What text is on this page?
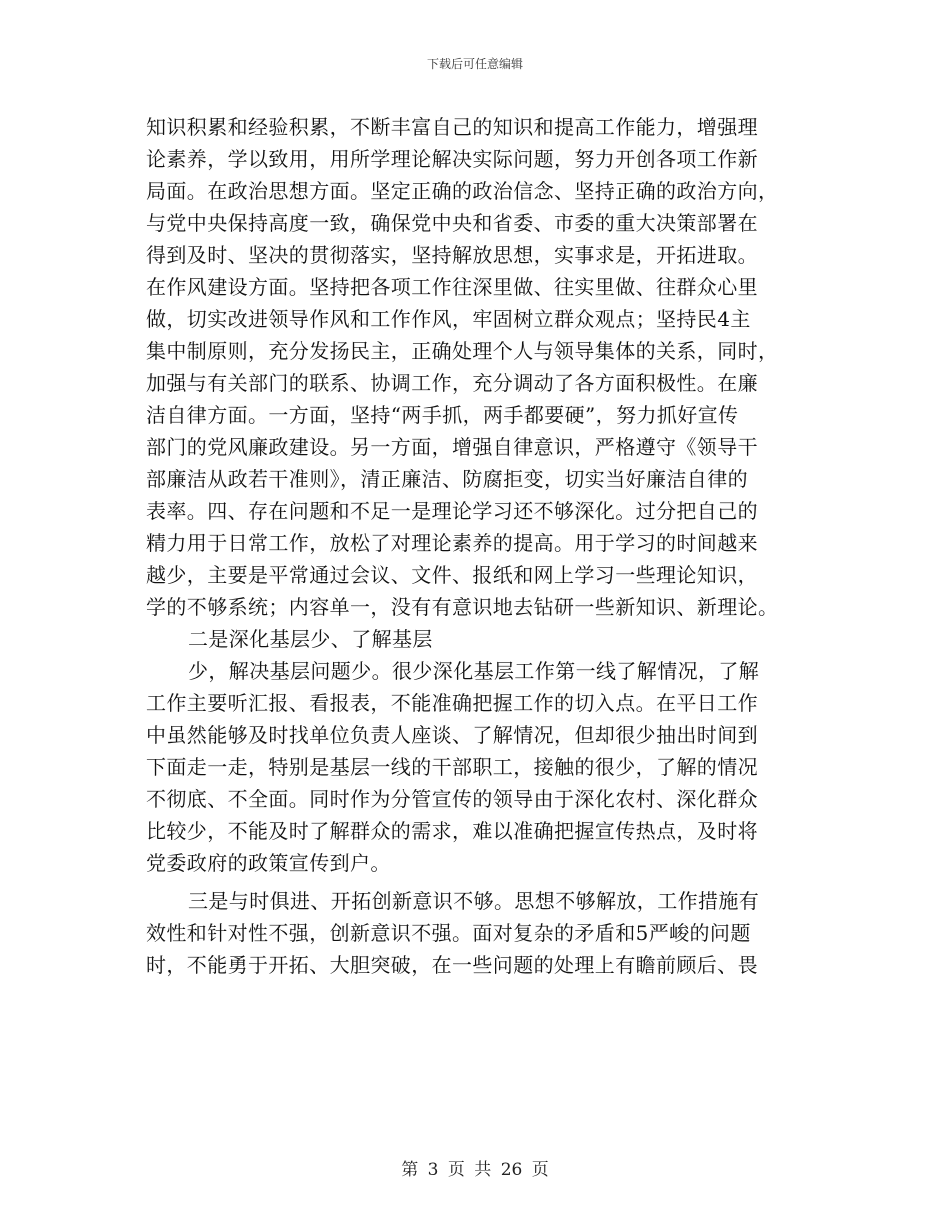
下载后可任意编辑
知识积累和经验积累，不断丰富自己的知识和提高工作能力，增强理
论素养，学以致用，用所学理论解决实际问题，努力开创各项工作新
局面。在政治思想方面。坚定正确的政治信念、坚持正确的政治方向，
与党中央保持高度一致，确保党中央和省委、市委的重大决策部署在
得到及时、坚决的贯彻落实，坚持解放思想，实事求是，开拓进取。
在作风建设方面。坚持把各项工作往深里做、往实里做、往群众心里
做，切实改进领导作风和工作作风，牢固树立群众观点；坚持民4主
集中制原则，充分发扬民主，正确处理个人与领导集体的关系，同时，
加强与有关部门的联系、协调工作，充分调动了各方面积极性。在廉
洁自律方面。一方面，坚持“两手抓，两手都要硬”，努力抓好宣传
部门的党风廉政建设。另一方面，增强自律意识，严格遵守《领导干
部廉洁从政若干准则》，清正廉洁、防腐拒变，切实当好廉洁自律的
表率。四、存在问题和不足一是理论学习还不够深化。过分把自己的
精力用于日常工作，放松了对理论素养的提高。用于学习的时间越来
越少，主要是平常通过会议、文件、报纸和网上学习一些理论知识，
学的不够系统；内容单一，没有有意识地去钻研一些新知识、新理论。
二是深化基层少、了解基层
少，解决基层问题少。很少深化基层工作第一线了解情况，了解
工作主要听汇报、看报表，不能准确把握工作的切入点。在平日工作
中虽然能够及时找单位负责人座谈、了解情况，但却很少抽出时间到
下面走一走，特别是基层一线的干部职工，接触的很少，了解的情况
不彻底、不全面。同时作为分管宣传的领导由于深化农村、深化群众
比较少，不能及时了解群众的需求，难以准确把握宣传热点，及时将
党委政府的政策宣传到户。
三是与时俱进、开拓创新意识不够。思想不够解放，工作措施有
效性和针对性不强，创新意识不强。面对复杂的矛盾和5严峻的问题
时，不能勇于开拓、大胆突破，在一些问题的处理上有瞻前顾后、畏
第 3 页 共 26 页
